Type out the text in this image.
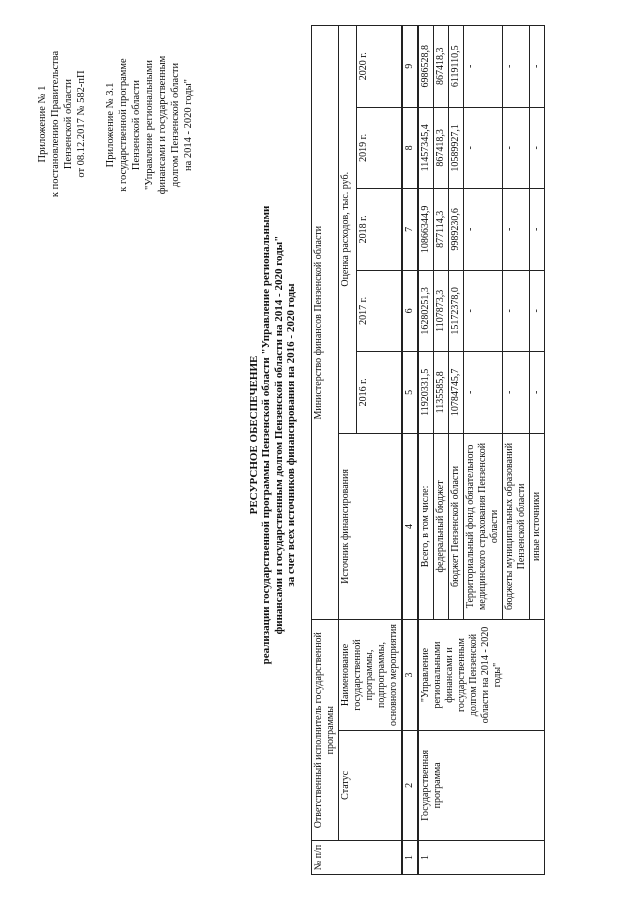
Приложение № 1 к постановлению Правительства Пензенской области от 08.12.2017 № 582-пП Приложение № 3.1 к государственной программе Пензенской области "Управление региональными финансами и государственным долгом Пензенской области на 2014 - 2020 годы"
РЕСУРСНОЕ ОБЕСПЕЧЕНИЕ реализации государственной программы Пензенской области "Управление региональными финансами и государственным долгом Пензенской области на 2014 - 2020 годы" за счет всех источников финансирования на 2016 - 2020 годы
№ п/п	Ответственный исполнитель государственной программы		Министерство финансов Пензенской области					
	Статус	Наименование государственной программы, подпрограммы, основного мероприятия	Источник финансирования	Оценка расходов, тыс. руб.				
				2016 г.	2017 г.	2018 г.	2019 г.	2020 г.
1	2	3	4	5	6	7	8	9
1	Государственная программа	"Управление региональными финансами и государственным долгом Пензенской области на 2014 - 2020 годы"	Всего, в том числе:	11920331,5	16280251,3	10866344,9	11457345,4	6986528,8
			федеральный бюджет	1135585,8	1107873,3	877114,3	867418,3	867418,3
			бюджет Пензенской области	10784745,7	15172378,0	9989230,6	10589927,1	6119110,5
			Территориальный фонд обязательного медицинского страхования Пензенской области	-	-	-	-	-
			бюджеты муниципальных образований Пензенской области	-	-	-	-	-
			иные источники	-	-	-	-	-
